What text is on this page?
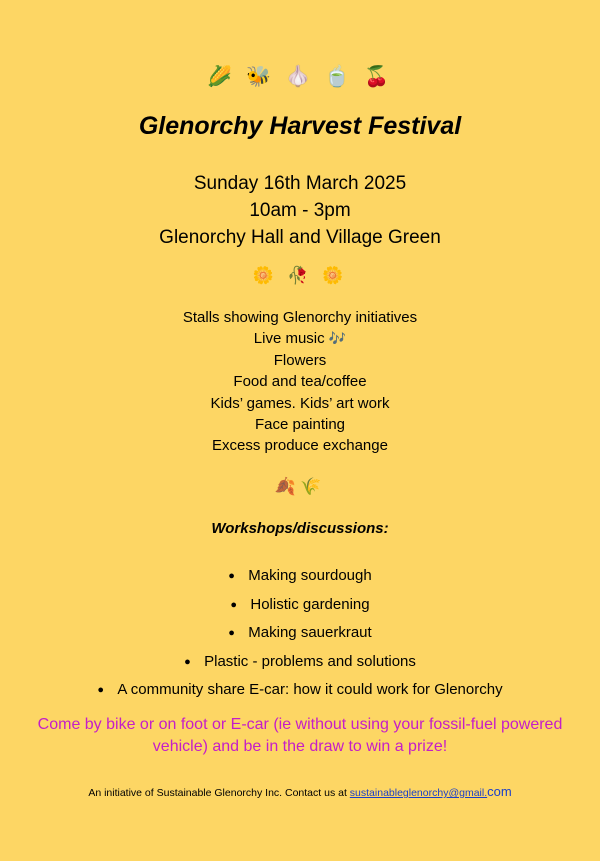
🌽 🐝 🧄 🍵 🍒
Glenorchy Harvest Festival
Sunday 16th March 2025
10am - 3pm
Glenorchy Hall and Village Green
🌼 🥀 🌼
Stalls showing Glenorchy initiatives
Live music 🎶
Flowers
Food and tea/coffee
Kids’ games. Kids’ art work
Face painting
Excess produce exchange
🍂🌾
Workshops/discussions:
● Making sourdough
● Holistic gardening
● Making sauerkraut
● Plastic - problems and solutions
● A community share E-car: how it could work for Glenorchy
Come by bike or on foot or E-car (ie without using your fossil-fuel powered vehicle) and be in the draw to win a prize!
An initiative of Sustainable Glenorchy Inc. Contact us at sustainableglenorchy@gmail.com
